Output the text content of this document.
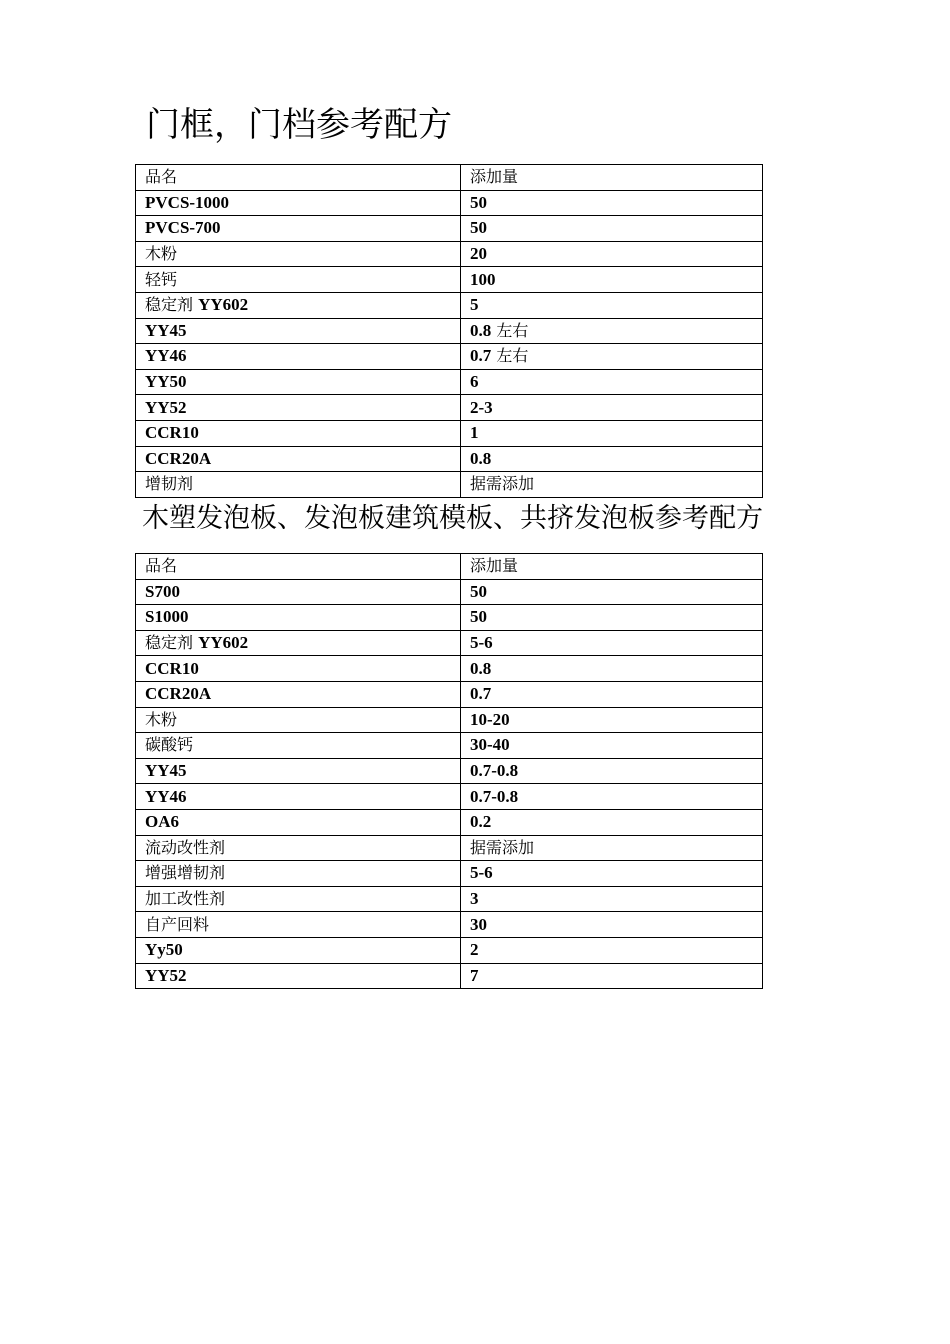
门框，门档参考配方
品名	添加量
PVCS-1000	50
PVCS-700	50
木粉	20
轻钙	100
稳定剂 YY602	5
YY45	0.8 左右
YY46	0.7 左右
YY50	6
YY52	2-3
CCR10	1
CCR20A	0.8
增韧剂	据需添加
木塑发泡板、发泡板建筑模板、共挤发泡板参考配方
品名	添加量
S700	50
S1000	50
稳定剂 YY602	5-6
CCR10	0.8
CCR20A	0.7
木粉	10-20
碳酸钙	30-40
YY45	0.7-0.8
YY46	0.7-0.8
OA6	0.2
流动改性剂	据需添加
增强增韧剂	5-6
加工改性剂	3
自产回料	30
Yy50	2
YY52	7
